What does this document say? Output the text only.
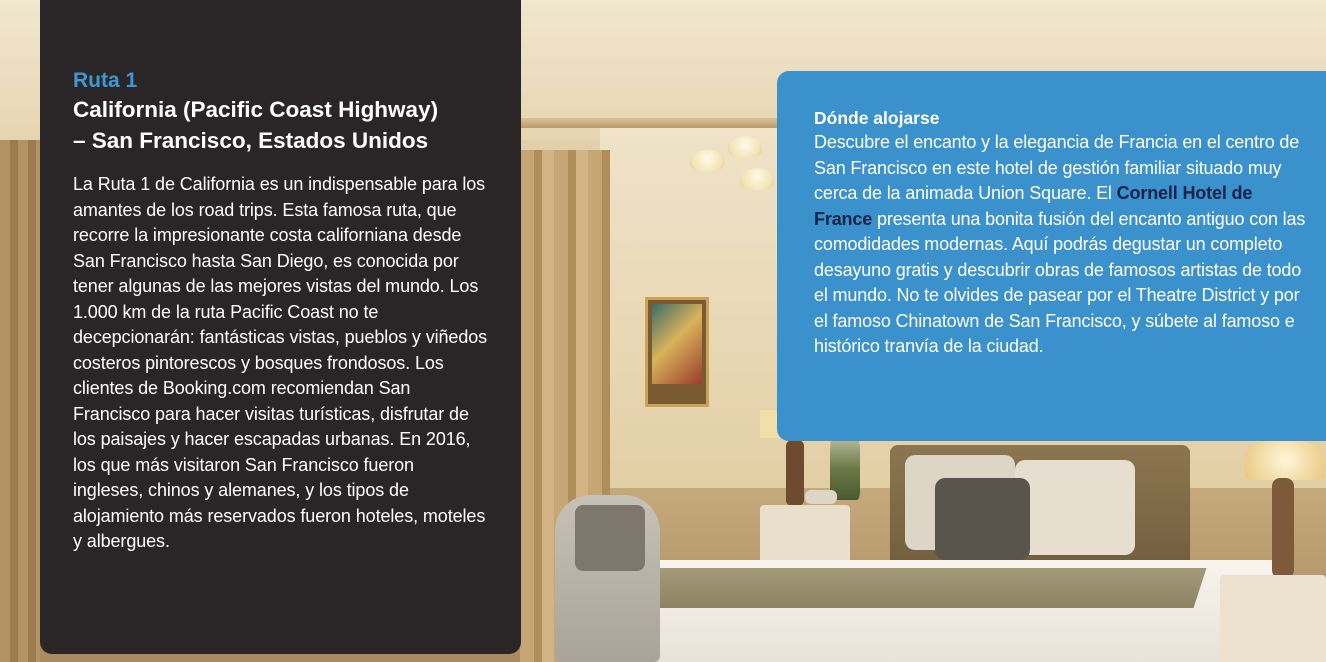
Ruta 1

California (Pacific Coast Highway)
– San Francisco, Estados Unidos

La Ruta 1 de California es un indispensable para los amantes de los road trips. Esta famosa ruta, que recorre la impresionante costa californiana desde San Francisco hasta San Diego, es conocida por tener algunas de las mejores vistas del mundo. Los 1.000 km de la ruta Pacific Coast no te decepcionarán: fantásticas vistas, pueblos y viñedos costeros pintorescos y bosques frondosos. Los clientes de Booking.com recomiendan San Francisco para hacer visitas turísticas, disfrutar de los paisajes y hacer escapadas urbanas. En 2016, los que más visitaron San Francisco fueron ingleses, chinos y alemanes, y los tipos de alojamiento más reservados fueron hoteles, moteles y albergues.

Dónde alojarse

Descubre el encanto y la elegancia de Francia en el centro de San Francisco en este hotel de gestión familiar situado muy cerca de la animada Union Square. El Cornell Hotel de France presenta una bonita fusión del encanto antiguo con las comodidades modernas. Aquí podrás degustar un completo desayuno gratis y descubrir obras de famosos artistas de todo el mundo. No te olvides de pasear por el Theatre District y por el famoso Chinatown de San Francisco, y súbete al famoso e histórico tranvía de la ciudad.
